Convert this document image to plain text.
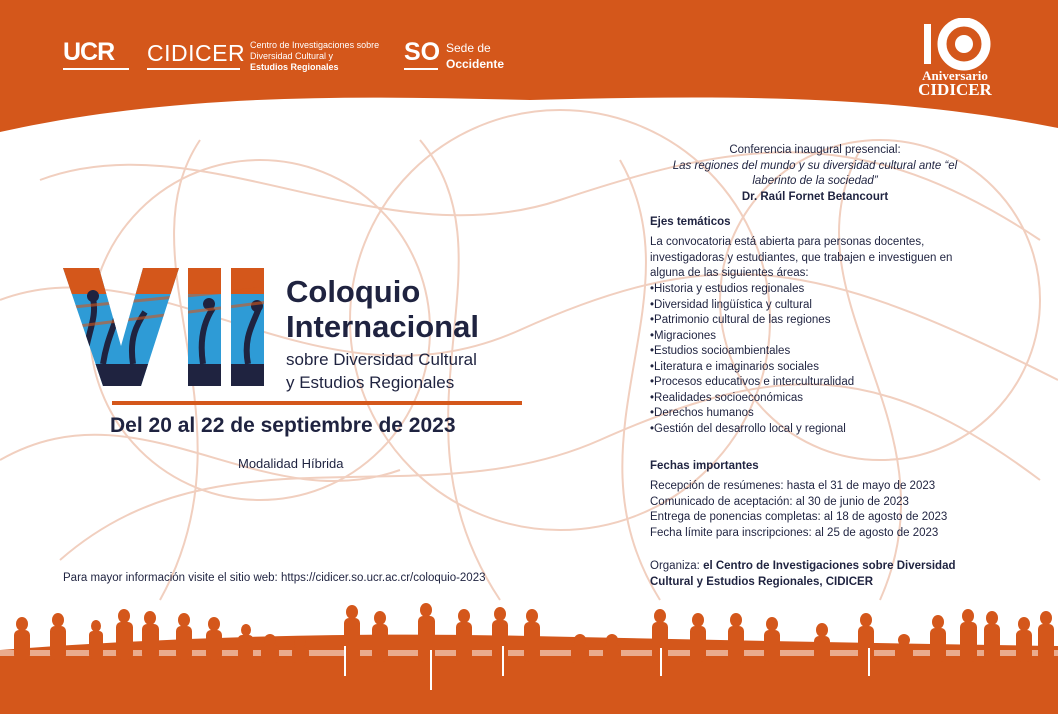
UCR CIDICER Centro de Investigaciones sobre
Diversidad Cultural y
Estudios Regionales
SO Sede de
Occidente
Aniversario
CIDICER
Coloquio
Internacional
sobre Diversidad Cultural
y Estudios Regionales
Del 20 al 22 de septiembre de 2023
Modalidad Híbrida
Para mayor información visite el sitio web: https://cidicer.so.ucr.ac.cr/coloquio-2023
Conferencia inaugural presencial:
Las regiones del mundo y su diversidad cultural ante “el laberinto de la sociedad”
Dr. Raúl Fornet Betancourt
Ejes temáticos
La convocatoria está abierta para personas docentes, investigadoras y estudiantes, que trabajen e investiguen en alguna de las siguientes áreas:
• Historia y estudios regionales
• Diversidad lingüística y cultural
• Patrimonio cultural de las regiones
• Migraciones
• Estudios socioambientales
• Literatura e imaginarios sociales
• Procesos educativos e interculturalidad
• Realidades socioeconómicas
• Derechos humanos
• Gestión del desarrollo local y regional
Fechas importantes
Recepción de resúmenes: hasta el 31 de mayo de 2023
Comunicado de aceptación: al 30 de junio de 2023
Entrega de ponencias completas: al 18 de agosto de 2023
Fecha límite para inscripciones: al 25 de agosto de 2023
Organiza: el Centro de Investigaciones sobre Diversidad Cultural y Estudios Regionales, CIDICER
